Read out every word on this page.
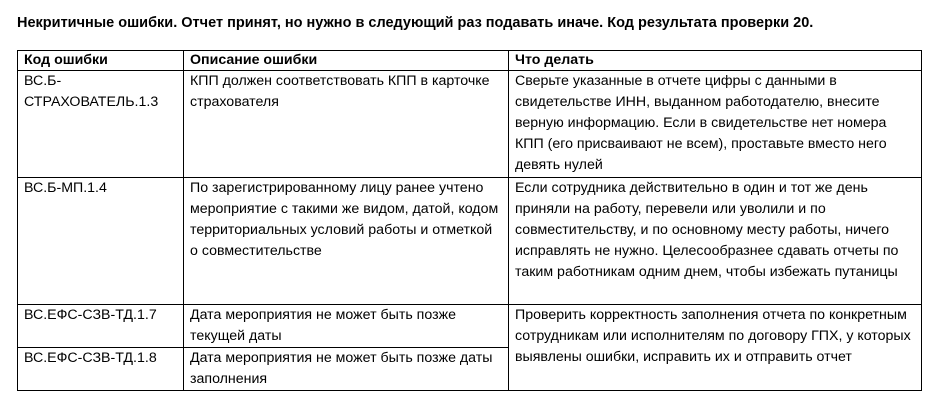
Некритичные ошибки. Отчет принят, но нужно в следующий раз подавать иначе. Код результата проверки 20.
Код ошибки	Описание ошибки	Что делать
ВС.Б-СТРАХОВАТЕЛЬ.1.3	КПП должен соответствовать КПП в карточке страхователя	Сверьте указанные в отчете цифры с данными в свидетельстве ИНН, выданном работодателю, внесите верную информацию. Если в свидетельстве нет номера КПП (его присваивают не всем), проставьте вместо него девять нулей
ВС.Б-МП.1.4	По зарегистрированному лицу ранее учтено мероприятие с такими же видом, датой, кодом территориальных условий работы и отметкой о совместительстве	Если сотрудника действительно в один и тот же день приняли на работу, перевели или уволили и по совместительству, и по основному месту работы, ничего исправлять не нужно. Целесообразнее сдавать отчеты по таким работникам одним днем, чтобы избежать путаницы
ВС.ЕФС-СЗВ-ТД.1.7	Дата мероприятия не может быть позже текущей даты	Проверить корректность заполнения отчета по конкретным сотрудникам или исполнителям по договору ГПХ, у которых выявлены ошибки, исправить их и отправить отчет
ВС.ЕФС-СЗВ-ТД.1.8	Дата мероприятия не может быть позже даты заполнения	
